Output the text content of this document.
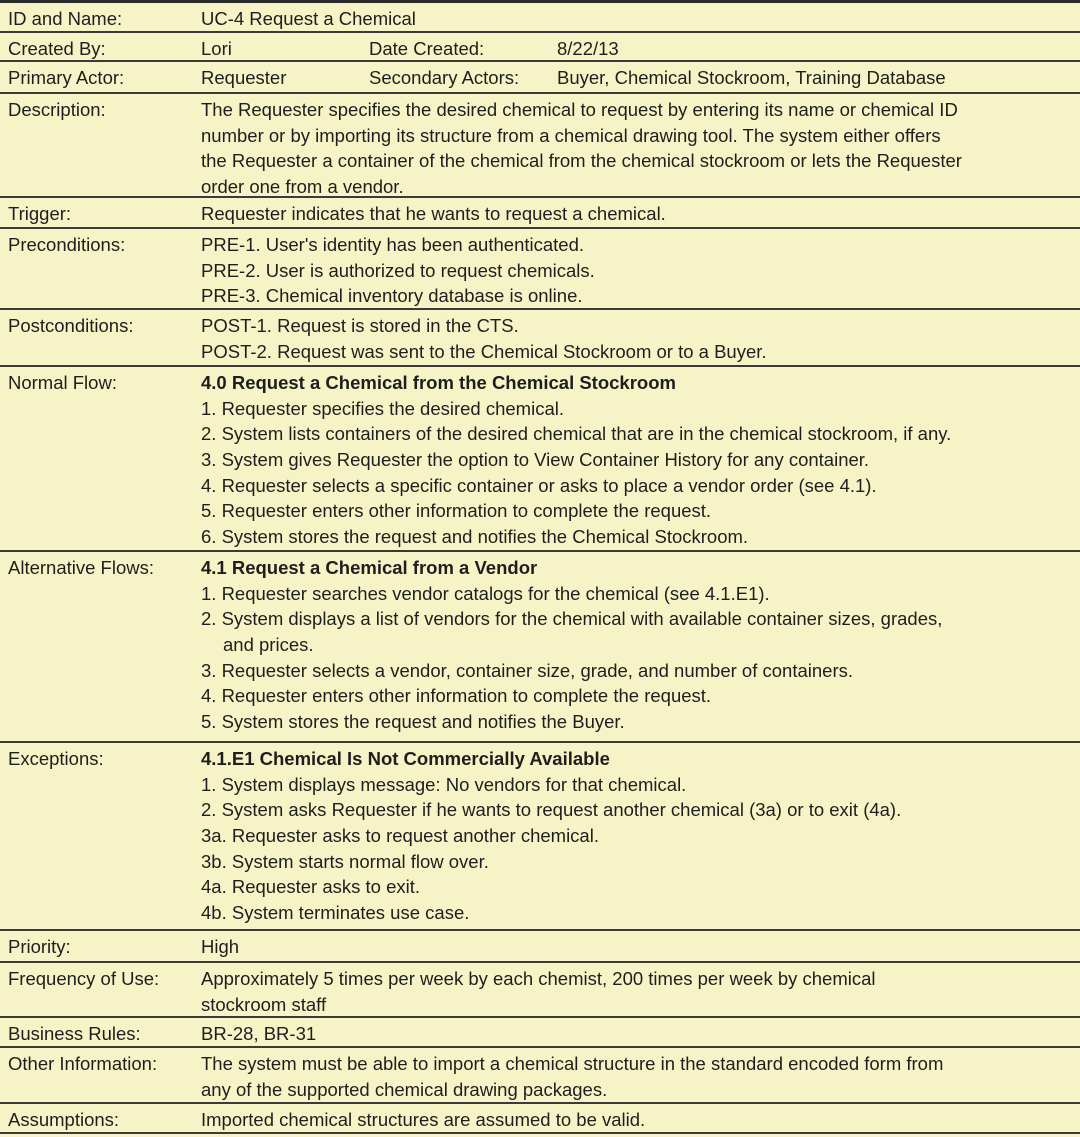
ID and Name:	UC-4 Request a Chemical
Created By:	Lori	Date Created:	8/22/13
Primary Actor:	Requester	Secondary Actors: Buyer, Chemical Stockroom, Training Database
Description:	The Requester specifies the desired chemical to request by entering its name or chemical ID
number or by importing its structure from a chemical drawing tool. The system either offers
the Requester a container of the chemical from the chemical stockroom or lets the Requester
order one from a vendor.
Trigger:	Requester indicates that he wants to request a chemical.
Preconditions:	PRE-1. User's identity has been authenticated.
PRE-2. User is authorized to request chemicals.
PRE-3. Chemical inventory database is online.
Postconditions:	POST-1. Request is stored in the CTS.
POST-2. Request was sent to the Chemical Stockroom or to a Buyer.
Normal Flow:	4.0 Request a Chemical from the Chemical Stockroom
1. Requester specifies the desired chemical.
2. System lists containers of the desired chemical that are in the chemical stockroom, if any.
3. System gives Requester the option to View Container History for any container.
4. Requester selects a specific container or asks to place a vendor order (see 4.1).
5. Requester enters other information to complete the request.
6. System stores the request and notifies the Chemical Stockroom.
Alternative Flows:	4.1 Request a Chemical from a Vendor
1. Requester searches vendor catalogs for the chemical (see 4.1.E1).
2. System displays a list of vendors for the chemical with available container sizes, grades,
and prices.
3. Requester selects a vendor, container size, grade, and number of containers.
4. Requester enters other information to complete the request.
5. System stores the request and notifies the Buyer.
Exceptions:	4.1.E1 Chemical Is Not Commercially Available
1. System displays message: No vendors for that chemical.
2. System asks Requester if he wants to request another chemical (3a) or to exit (4a).
3a. Requester asks to request another chemical.
3b. System starts normal flow over.
4a. Requester asks to exit.
4b. System terminates use case.
Priority:	High
Frequency of Use: Approximately 5 times per week by each chemist, 200 times per week by chemical
stockroom staff
Business Rules:	BR-28, BR-31
Other Information: The system must be able to import a chemical structure in the standard encoded form from
any of the supported chemical drawing packages.
Assumptions:	Imported chemical structures are assumed to be valid.
